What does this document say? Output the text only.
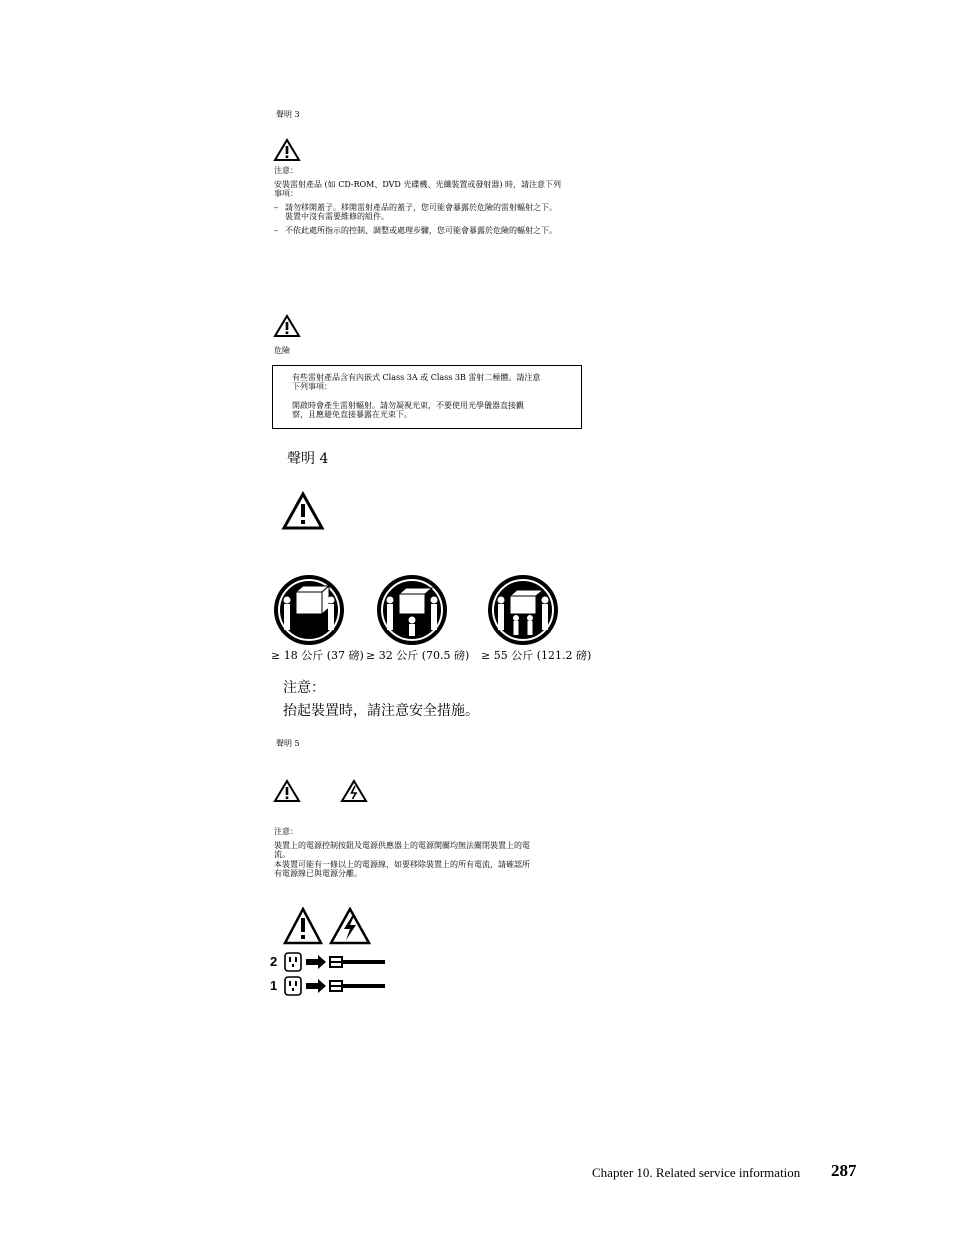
聲明 3
注意：
安裝雷射產品 (如 CD-ROM、DVD 光碟機、光纖裝置或發射器) 時，請注意下列
事項：
– 請勿移開蓋子。移開雷射產品的蓋子，您可能會暴露於危險的雷射輻射之下。
裝置中沒有需要維修的組件。
– 不依此處所指示的控制、調整或處理步驟，您可能會暴露於危險的輻射之下。
危險
有些雷射產品含有內嵌式 Class 3A 或 Class 3B 雷射二極體。請注意
下列事項：
開啟時會產生雷射輻射。請勿凝視光束，不要使用光學儀器直接觀
察，且應避免直接暴露在光束下。
聲明 4
≥ 18 公斤 (37 磅) ≥ 32 公斤 (70.5 磅) ≥ 55 公斤 (121.2 磅)
注意：
抬起裝置時，請注意安全措施。
聲明 5
注意：
裝置上的電源控制按鈕及電源供應器上的電源開關均無法關閉裝置上的電
流。
本裝置可能有一條以上的電源線，如要移除裝置上的所有電流，請確認所
有電源線已與電源分離。
2
1
Chapter 10. Related service information 287
